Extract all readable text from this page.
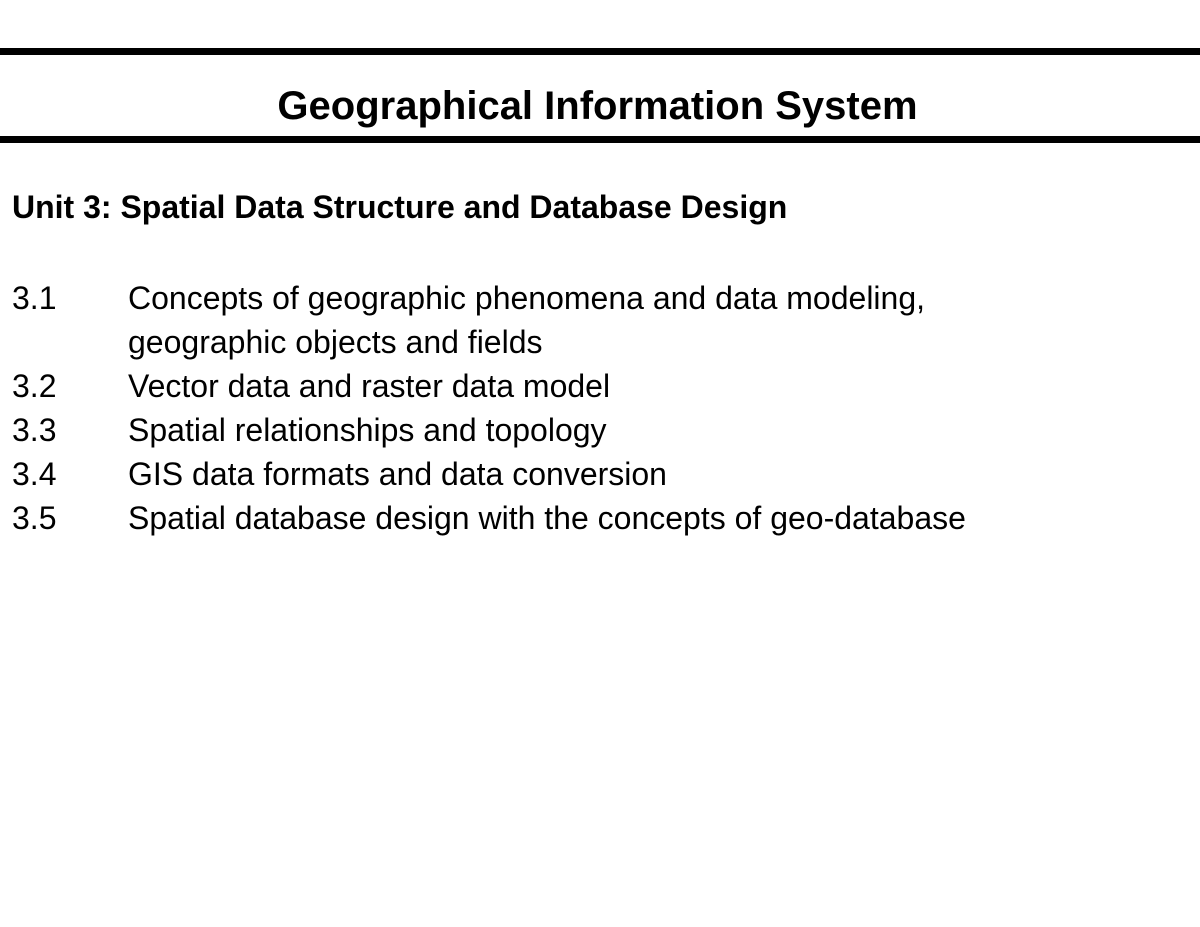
Geographical Information System
Unit 3: Spatial Data Structure and Database Design
3.1 Concepts of geographic phenomena and data modeling,
geographic objects and fields
3.2 Vector data and raster data model
3.3 Spatial relationships and topology
3.4 GIS data formats and data conversion
3.5 Spatial database design with the concepts of geo-database
